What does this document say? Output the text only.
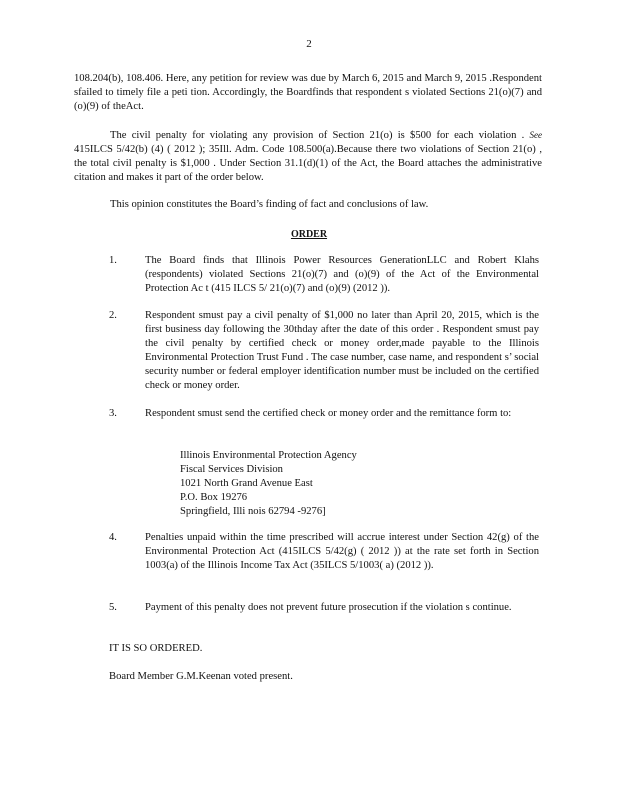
2

108.204(b), 108.406. Here, any petition for review was due by March 6, 2015 and March 9, 2015 .Respondent sfailed to timely file a peti tion. Accordingly, the Boardfinds that respondent s violated Sections 21(o)(7) and (o)(9) of theAct.

The civil penalty for violating any provision of Section 21(o) is $500 for each violation . See 415ILCS 5/42(b) (4) ( 2012 ); 35Ill. Adm. Code 108.500(a).Because there two violations of Section 21(o) , the total civil penalty is $1,000 . Under Section 31.1(d)(1) of the Act, the Board attaches the administrative citation and makes it part of the order below.

This opinion constitutes the Board’s finding of fact and conclusions of law.

ORDER
1.	The Board finds that Illinois Power Resources GenerationLLC and Robert Klahs (respondents) violated Sections 21(o)(7) and (o)(9) of the Act of the Environmental Protection Ac t (415 ILCS 5/ 21(o)(7) and (o)(9) (2012 )).
2.	Respondent smust pay a civil penalty of $1,000 no later than April 20, 2015, which is the first business day following the 30thday after the date of this order . Respondent smust pay the civil penalty by certified check or money order,made payable to the Illinois Environmental Protection Trust Fund . The case number, case name, and respondent s’ social security number or federal employer identification number must be included on the certified check or money order.
3.	Respondent smust send the certified check or money order and the remittance form to:
Illinois Environmental Protection Agency
Fiscal Services Division
1021 North Grand Avenue East
P.O. Box 19276
Springfield, Illi nois 62794 -9276]
4.	Penalties unpaid within the time prescribed will accrue interest under Section 42(g) of the Environmental Protection Act (415ILCS 5/42(g) ( 2012 )) at the rate set forth in Section 1003(a) of the Illinois Income Tax Act (35ILCS 5/1003( a) (2012 )).
5.	Payment of this penalty does not prevent future prosecution if the violation s continue.
IT IS SO ORDERED.
Board Member G.M.Keenan voted present.
